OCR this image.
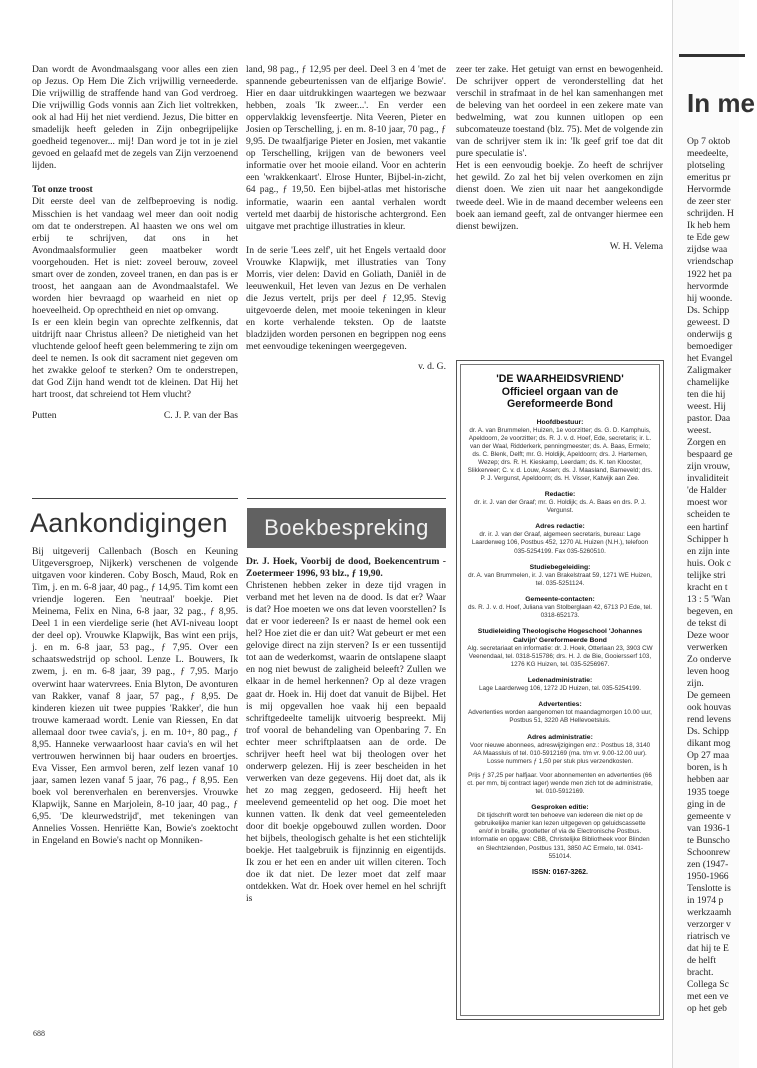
Dan wordt de Avondmaalsgang voor alles een zien op Jezus. Op Hem Die Zich vrijwillig verneederde. Die vrijwillig de straffende hand van God verdroeg. Die vrijwillig Gods vonnis aan Zich liet voltrekken, ook al had Hij het niet verdiend. Jezus, Die bitter en smadelijk heeft geleden in Zijn onbegrijpelijke goedheid tegenover... mij! Dan word je tot in je ziel gevoed en gelaafd met de zegels van Zijn verzoenend lijden.

Tot onze troost

Dit eerste deel van de zelfbeproeving is nodig. Misschien is het vandaag wel meer dan ooit nodig om dat te onderstrepen. Al haasten we ons wel om erbij te schrijven, dat ons in het Avondmaalsformulier geen maatbeker wordt voorgehouden. Het is niet: zoveel berouw, zoveel smart over de zonden, zoveel tranen, en dan pas is er troost, het aangaan aan de Avondmaalstafel. We worden hier bevraagd op waarheid en niet op hoeveelheid. Op oprechtheid en niet op omvang.

Is er een klein begin van oprechte zelfkennis, dat uitdrijft naar Christus alleen? De nietigheid van het vluchtende geloof heeft geen belemmering te zijn om deel te nemen. Is ook dit sacrament niet gegeven om het zwakke geloof te sterken? Om te onderstrepen, dat God Zijn hand wendt tot de kleinen. Dat Hij het hart troost, dat schreiend tot Hem vlucht?

Putten	C. J. P. van der Bas
Aankondigingen

Bij uitgeverij Callenbach (Bosch en Keuning Uitgeversgroep, Nijkerk) verschenen de volgende uitgaven voor kinderen. Coby Bosch, Maud, Rok en Tim, j. en m. 6-8 jaar, 40 pag., ƒ 14,95. Tim komt een vriendje logeren. Een 'neutraal' boekje. Piet Meinema, Felix en Nina, 6-8 jaar, 32 pag., ƒ 8,95. Deel 1 in een vierdelige serie (het AVI-niveau loopt der deel op). Vrouwke Klapwijk, Bas wint een prijs, j. en m. 6-8 jaar, 53 pag., ƒ 7,95. Over een schaatswedstrijd op school. Lenze L. Bouwers, Ik zwem, j. en m. 6-8 jaar, 39 pag., ƒ 7,95. Marjo overwint haar watervrees. Enia Blyton, De avonturen van Rakker, vanaf 8 jaar, 57 pag., ƒ 8,95. De kinderen kiezen uit twee puppies 'Rakker', die hun trouwe kameraad wordt. Lenie van Riessen, En dat allemaal door twee cavia's, j. en m. 10+, 80 pag., ƒ 8,95. Hanneke verwaarloost haar cavia's en wil het vertrouwen herwinnen bij haar ouders en broertjes. Eva Visser, Een armvol beren, zelf lezen vanaf 10 jaar, samen lezen vanaf 5 jaar, 76 pag., ƒ 8,95. Een boek vol berenverhalen en berenversjes. Vrouwke Klapwijk, Sanne en Marjolein, 8-10 jaar, 40 pag., ƒ 6,95. 'De kleurwedstrijd', met tekeningen van Annelies Vossen. Henriëtte Kan, Bowie's zoektocht in Engeland en Bowie's nacht op Monniken-

land, 98 pag., ƒ 12,95 per deel. Deel 3 en 4 'met de spannende gebeurtenissen van de elfjarige Bowie'. Hier en daar uitdrukkingen waartegen we bezwaar hebben, zoals 'Ik zweer...'. En verder een oppervlakkig levensfeertje. Nita Veeren, Pieter en Josien op Terschelling, j. en m. 8-10 jaar, 70 pag., ƒ 9,95. De twaalfjarige Pieter en Josien, met vakantie op Terschelling, krijgen van de bewoners veel informatie over het mooie eiland. Voor en achterin een 'wrakkenkaart'. Elrose Hunter, Bijbel-in-zicht, 64 pag., ƒ 19,50. Een bijbel-atlas met historische informatie, waarin een aantal verhalen wordt verteld met daarbij de historische achtergrond. Een uitgave met prachtige illustraties in kleur.

In de serie 'Lees zelf', uit het Engels vertaald door Vrouwke Klapwijk, met illustraties van Tony Morris, vier delen: David en Goliath, Daniël in de leeuwenkuil, Het leven van Jezus en De verhalen die Jezus vertelt, prijs per deel ƒ 12,95. Stevig uitgevoerde delen, met mooie tekeningen in kleur en korte verhalende teksten. Op de laatste bladzijden worden personen en begrippen nog eens met eenvoudige tekeningen weergegeven.

v. d. G.
Boekbespreking

Dr. J. Hoek, Voorbij de dood, Boekencentrum - Zoetermeer 1996, 93 blz., ƒ 19,90.

Christenen hebben zeker in deze tijd vragen in verband met het leven na de dood. Is dat er? Waar is dat? Hoe moeten we ons dat leven voorstellen? Is dat er voor iedereen? Is er naast de hemel ook een hel? Hoe ziet die er dan uit? Wat gebeurt er met een gelovige direct na zijn sterven? Is er een tussentijd tot aan de wederkomst, waarin de ontslapene slaapt en nog niet bewust de zaligheid beleeft? Zullen we elkaar in de hemel herkennen? Op al deze vragen gaat dr. Hoek in. Hij doet dat vanuit de Bijbel. Het is mij opgevallen hoe vaak hij een bepaald schriftgedeelte tamelijk uitvoerig bespreekt. Mij trof vooral de behandeling van Openbaring 7. En echter meer schriftplaatsen aan de orde. De schrijver heeft heel wat bij theologen over het onderwerp gelezen. Hij is zeer bescheiden in het verwerken van deze gegevens. Hij doet dat, als ik het zo mag zeggen, gedoseerd. Hij heeft het meelevend gemeentelid op het oog. Die moet het kunnen vatten. Ik denk dat veel gemeenteleden door dit boekje opgebouwd zullen worden. Door het bijbels, theologisch gehalte is het een stichtelijk boekje. Het taalgebruik is fijnzinnig en eigentijds. Ik zou er het een en ander uit willen citeren. Toch doe ik dat niet. De lezer moet dat zelf maar ontdekken. Wat dr. Hoek over hemel en hel schrijft is

zeer ter zake. Het getuigt van ernst en bewogenheid. De schrijver oppert de veronderstelling dat het verschil in strafmaat in de hel kan samenhangen met de beleving van het oordeel in een zekere mate van bedwelming, wat zou kunnen uitlopen op een subcomateuze toestand (blz. 75). Met de volgende zin van de schrijver stem ik in: 'Ik geef grif toe dat dit pure speculatie is'.

Het is een eenvoudig boekje. Zo heeft de schrijver het gewild. Zo zal het bij velen overkomen en zijn dienst doen. We zien uit naar het aangekondigde tweede deel. Wie in de maand december weleens een boek aan iemand geeft, zal de ontvanger hiermee een dienst bewijzen.

W. H. Velema
'DE WAARHEIDSVRIEND'
Officieel orgaan van de Gereformeerde Bond
Hoofdbestuur:
dr. A. van Brummelen, Huizen, 1e voorzitter; ds. G. D. Kamphuis, Apeldoorn, 2e voorzitter; ds. R. J. v. d. Hoef, Ede, secretaris; ir. L. van der Waal, Ridderkerk, penningmeester; ds. A. Baas, Ermelo; ds. C. Blenk, Delft; mr. G. Holdijk, Apeldoorn; drs. J. Hartemen, Wezep; drs. R. H. Kieskamp, Leerdam; ds. K. ten Klooster, Slikkerveer; C. v. d. Louw, Assen; ds. J. Maasland, Barneveld; drs. P. J. Vergunst, Apeldoorn; ds. H. Visser, Katwijk aan Zee.
Redactie:
dr. ir. J. van der Graaf; mr. G. Holdijk; ds. A. Baas en drs. P. J. Vergunst.
Adres redactie:
dr. ir. J. van der Graaf, algemeen secretaris, bureau: Lage Laarderweg 106, Postbus 452, 1270 AL Huizen (N.H.), telefoon 035-5254199. Fax 035-5260510.
Studiebegeleiding:
dr. A. van Brummelen, ir. J. van Brakelstraat 59, 1271 WE Huizen, tel. 035-5251124.
Gemeente-contacten:
ds. R. J. v. d. Hoef, Juliana van Stolberglaan 42, 6713 PJ Ede, tel. 0318-652173.
Studieleiding Theologische Hogeschool 'Johannes Calvijn' Gereformeerde Bond
Alg. secretariaat en informatie: dr. J. Hoek, Otterlaan 23, 3903 CW Veenendaal, tel. 0318-515786; drs. H. J. de Bie, Gooiersserf 103, 1276 KG Huizen, tel. 035-5256967.
Ledenadministratie:
Lage Laarderweg 106, 1272 JD Huizen, tel. 035-5254199.
Advertenties:
Advertenties worden aangenomen tot maandagmorgen 10.00 uur, Postbus 51, 3220 AB Hellevoetsluis.
Adres administratie:
Voor nieuwe abonnees, adreswijzigingen enz.: Postbus 18, 3140 AA Maassluis of tel. 010-5912169 (ma. t/m vr. 9.00-12.00 uur). Losse nummers ƒ 1,50 per stuk plus verzendkosten.
Prijs ƒ 37,25 per halfjaar. Voor abonnementen en advertenties (66 ct. per mm, bij contract lager) wende men zich tot de administratie, tel. 010-5912169.
Gesproken editie:
Dit tijdschrift wordt ten behoeve van iedereen die niet op de gebruikelijke manier kan lezen uitgegeven op geluidscassette en/of in braille, grootletter of via de Electronische Postbus. Informatie en opgave: CBB, Christelijke Bibliotheek voor Blinden en Slechtzienden, Postbus 131, 3850 AC Ermelo, tel. 0341-551014.
ISSN: 0167-3262.
In me
Op 7 oktob
meedeelte,
plotseling
emeritus pr
Hervormde
de zeer ster
schrijden. H
Ik heb hem
te Ede gew
zijdse waa
vriendschap
1922 het pa
hervormde
hij woonde.
Ds. Schipp
geweest. D
onderwijs g
bemoediger
het Evangel
Zaligmaker
chamelijke
ten die hij
weest. Hij
pastor. Daa
weest.
Zorgen en
bespaard ge
zijn vrouw,
invaliditeit
'de Halder
moest wor
scheiden te
een hartinf
Schipper h
en zijn inte
huis. Ook c
telijke stri
kracht en t
13 : 5 'Wan
begeven, en
de tekst di
Deze woor
verwerken
Zo onderve
leven hoog
zijn.
De gemeen
ook houvas
rend levens
Ds. Schipp
dikant mog
Op 27 maa
boren, is h
hebben aar
1935 toege
ging in de
gemeente v
van 1936-1
te Bunscho
Schoonrew
zen (1947-
1950-1966
Tenslotte is
in 1974 p
werkzaamh
verzorger v
riatrisch ve
dat hij te E
de helft
bracht.
Collega Sc
met een ve
op het geb
688
